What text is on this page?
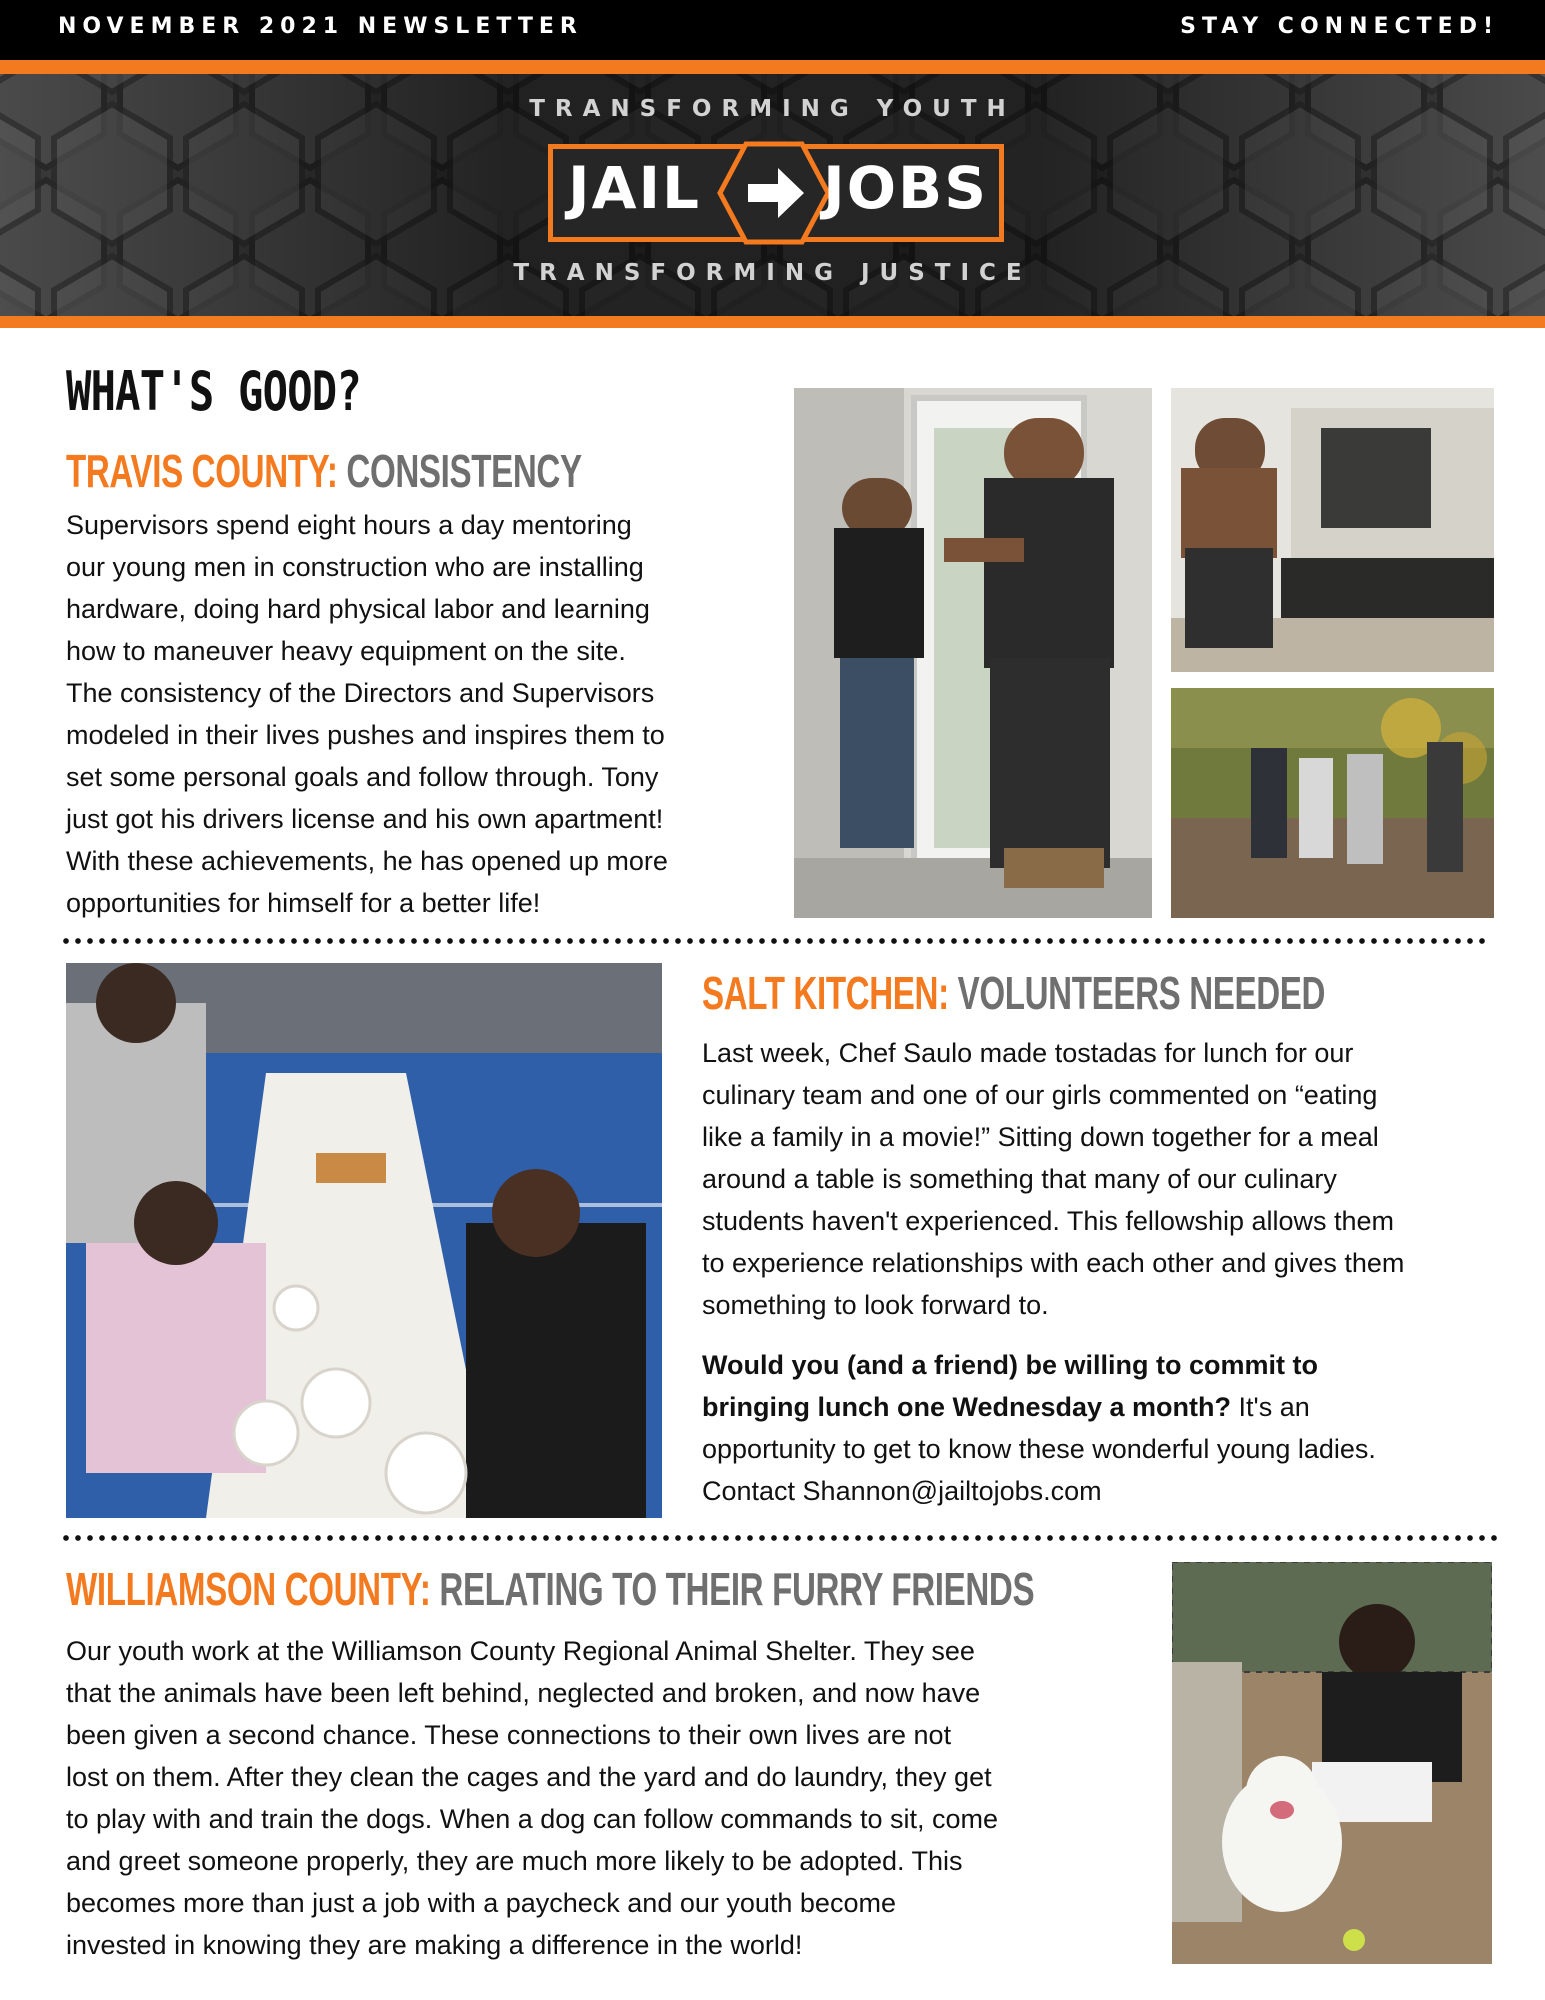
NOVEMBER 2021 NEWSLETTER	STAY CONNECTED!
TRANSFORMING YOUTH
JAIL JOBS
TRANSFORMING JUSTICE
WHAT'S GOOD?
TRAVIS COUNTY: CONSISTENCY
Supervisors spend eight hours a day mentoring
our young men in construction who are installing
hardware, doing hard physical labor and learning
how to maneuver heavy equipment on the site.
The consistency of the Directors and Supervisors
modeled in their lives pushes and inspires them to
set some personal goals and follow through. Tony
just got his drivers license and his own apartment!
With these achievements, he has opened up more
opportunities for himself for a better life!
SALT KITCHEN: VOLUNTEERS NEEDED
Last week, Chef Saulo made tostadas for lunch for our
culinary team and one of our girls commented on “eating
like a family in a movie!” Sitting down together for a meal
around a table is something that many of our culinary
students haven't experienced. This fellowship allows them
to experience relationships with each other and gives them
something to look forward to.
Would you (and a friend) be willing to commit to
bringing lunch one Wednesday a month? It's an
opportunity to get to know these wonderful young ladies.
Contact Shannon@jailtojobs.com
WILLIAMSON COUNTY: RELATING TO THEIR FURRY FRIENDS
Our youth work at the Williamson County Regional Animal Shelter. They see
that the animals have been left behind, neglected and broken, and now have
been given a second chance. These connections to their own lives are not
lost on them. After they clean the cages and the yard and do laundry, they get
to play with and train the dogs. When a dog can follow commands to sit, come
and greet someone properly, they are much more likely to be adopted. This
becomes more than just a job with a paycheck and our youth become
invested in knowing they are making a difference in the world!
